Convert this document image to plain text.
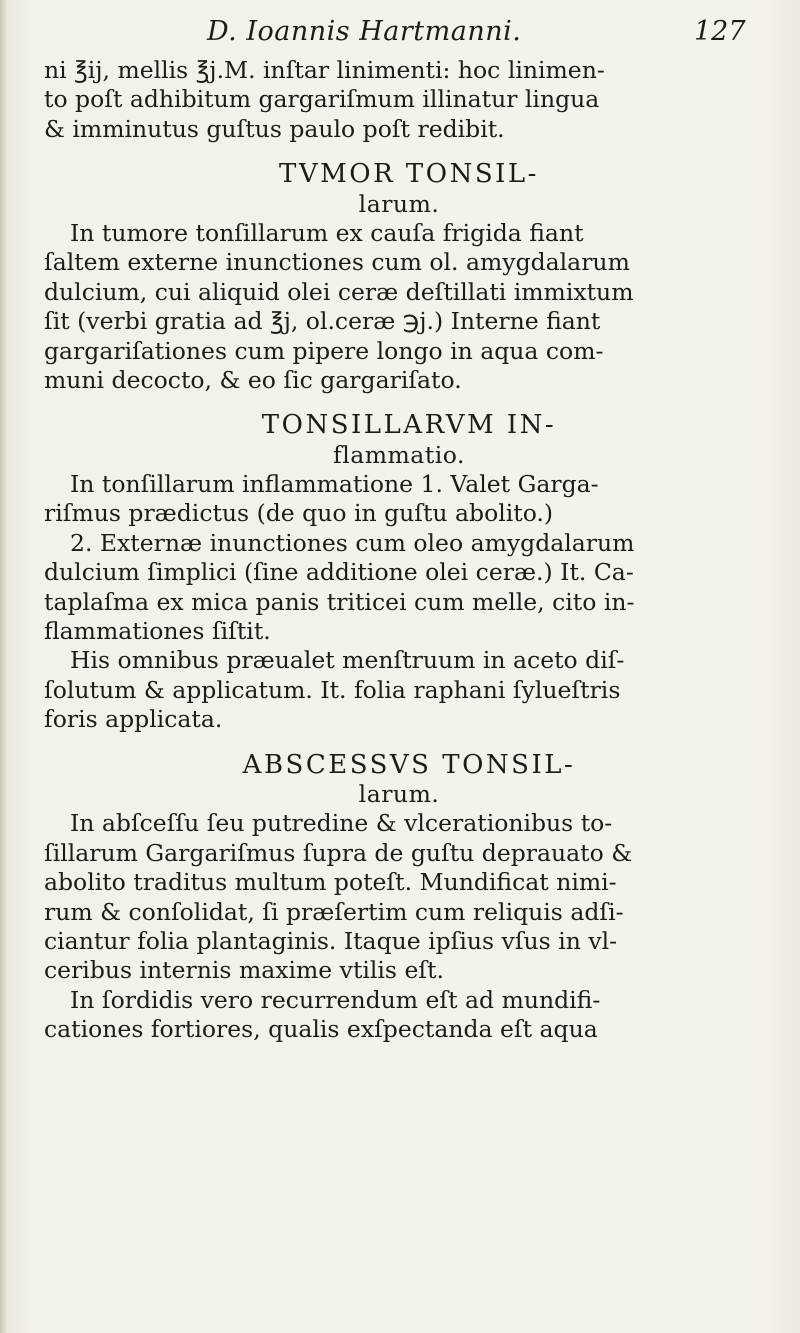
D. Ioannis Hartmanni.	127
ni ℥ij, mellis ℥j.M. inſtar linimenti: hoc linimen-
to poſt adhibitum gargariſmum illinatur lingua
& imminutus guſtus paulo poſt redibit.
TVMOR TONSIL-
larum.
In tumore tonſillarum ex cauſa frigida fiant
ſaltem externe inunctiones cum ol. amygdalarum
dulcium, cui aliquid olei ceræ deſtillati immixtum
ſit (verbi gratia ad ℥j, ol.ceræ ℈j.) Interne fiant
gargariſationes cum pipere longo in aqua com-
muni decocto, & eo ſic gargariſato.
TONSILLARVM IN-
flammatio.
In tonſillarum inflammatione 1. Valet Garga-
riſmus prædictus (de quo in guſtu abolito.)
2. Externæ inunctiones cum oleo amygdalarum
dulcium ſimplici (ſine additione olei ceræ.) It. Ca-
taplaſma ex mica panis triticei cum melle, cito in-
flammationes ſiſtit.
His omnibus præualet menſtruum in aceto diſ-
ſolutum & applicatum. It. folia raphani ſylueſtris
foris applicata.
ABSCESSVS TONSIL-
larum.
In abſceſſu ſeu putredine & vlcerationibus to-
ſillarum Gargariſmus ſupra de guſtu deprauato &
abolito traditus multum poteſt. Mundificat nimi-
rum & conſolidat, ſi præſertim cum reliquis adſi-
ciantur folia plantaginis. Itaque ipſius vſus in vl-
ceribus internis maxime vtilis eſt.
In ſordidis vero recurrendum eſt ad mundifi-
cationes fortiores, qualis exſpectanda eſt aqua
